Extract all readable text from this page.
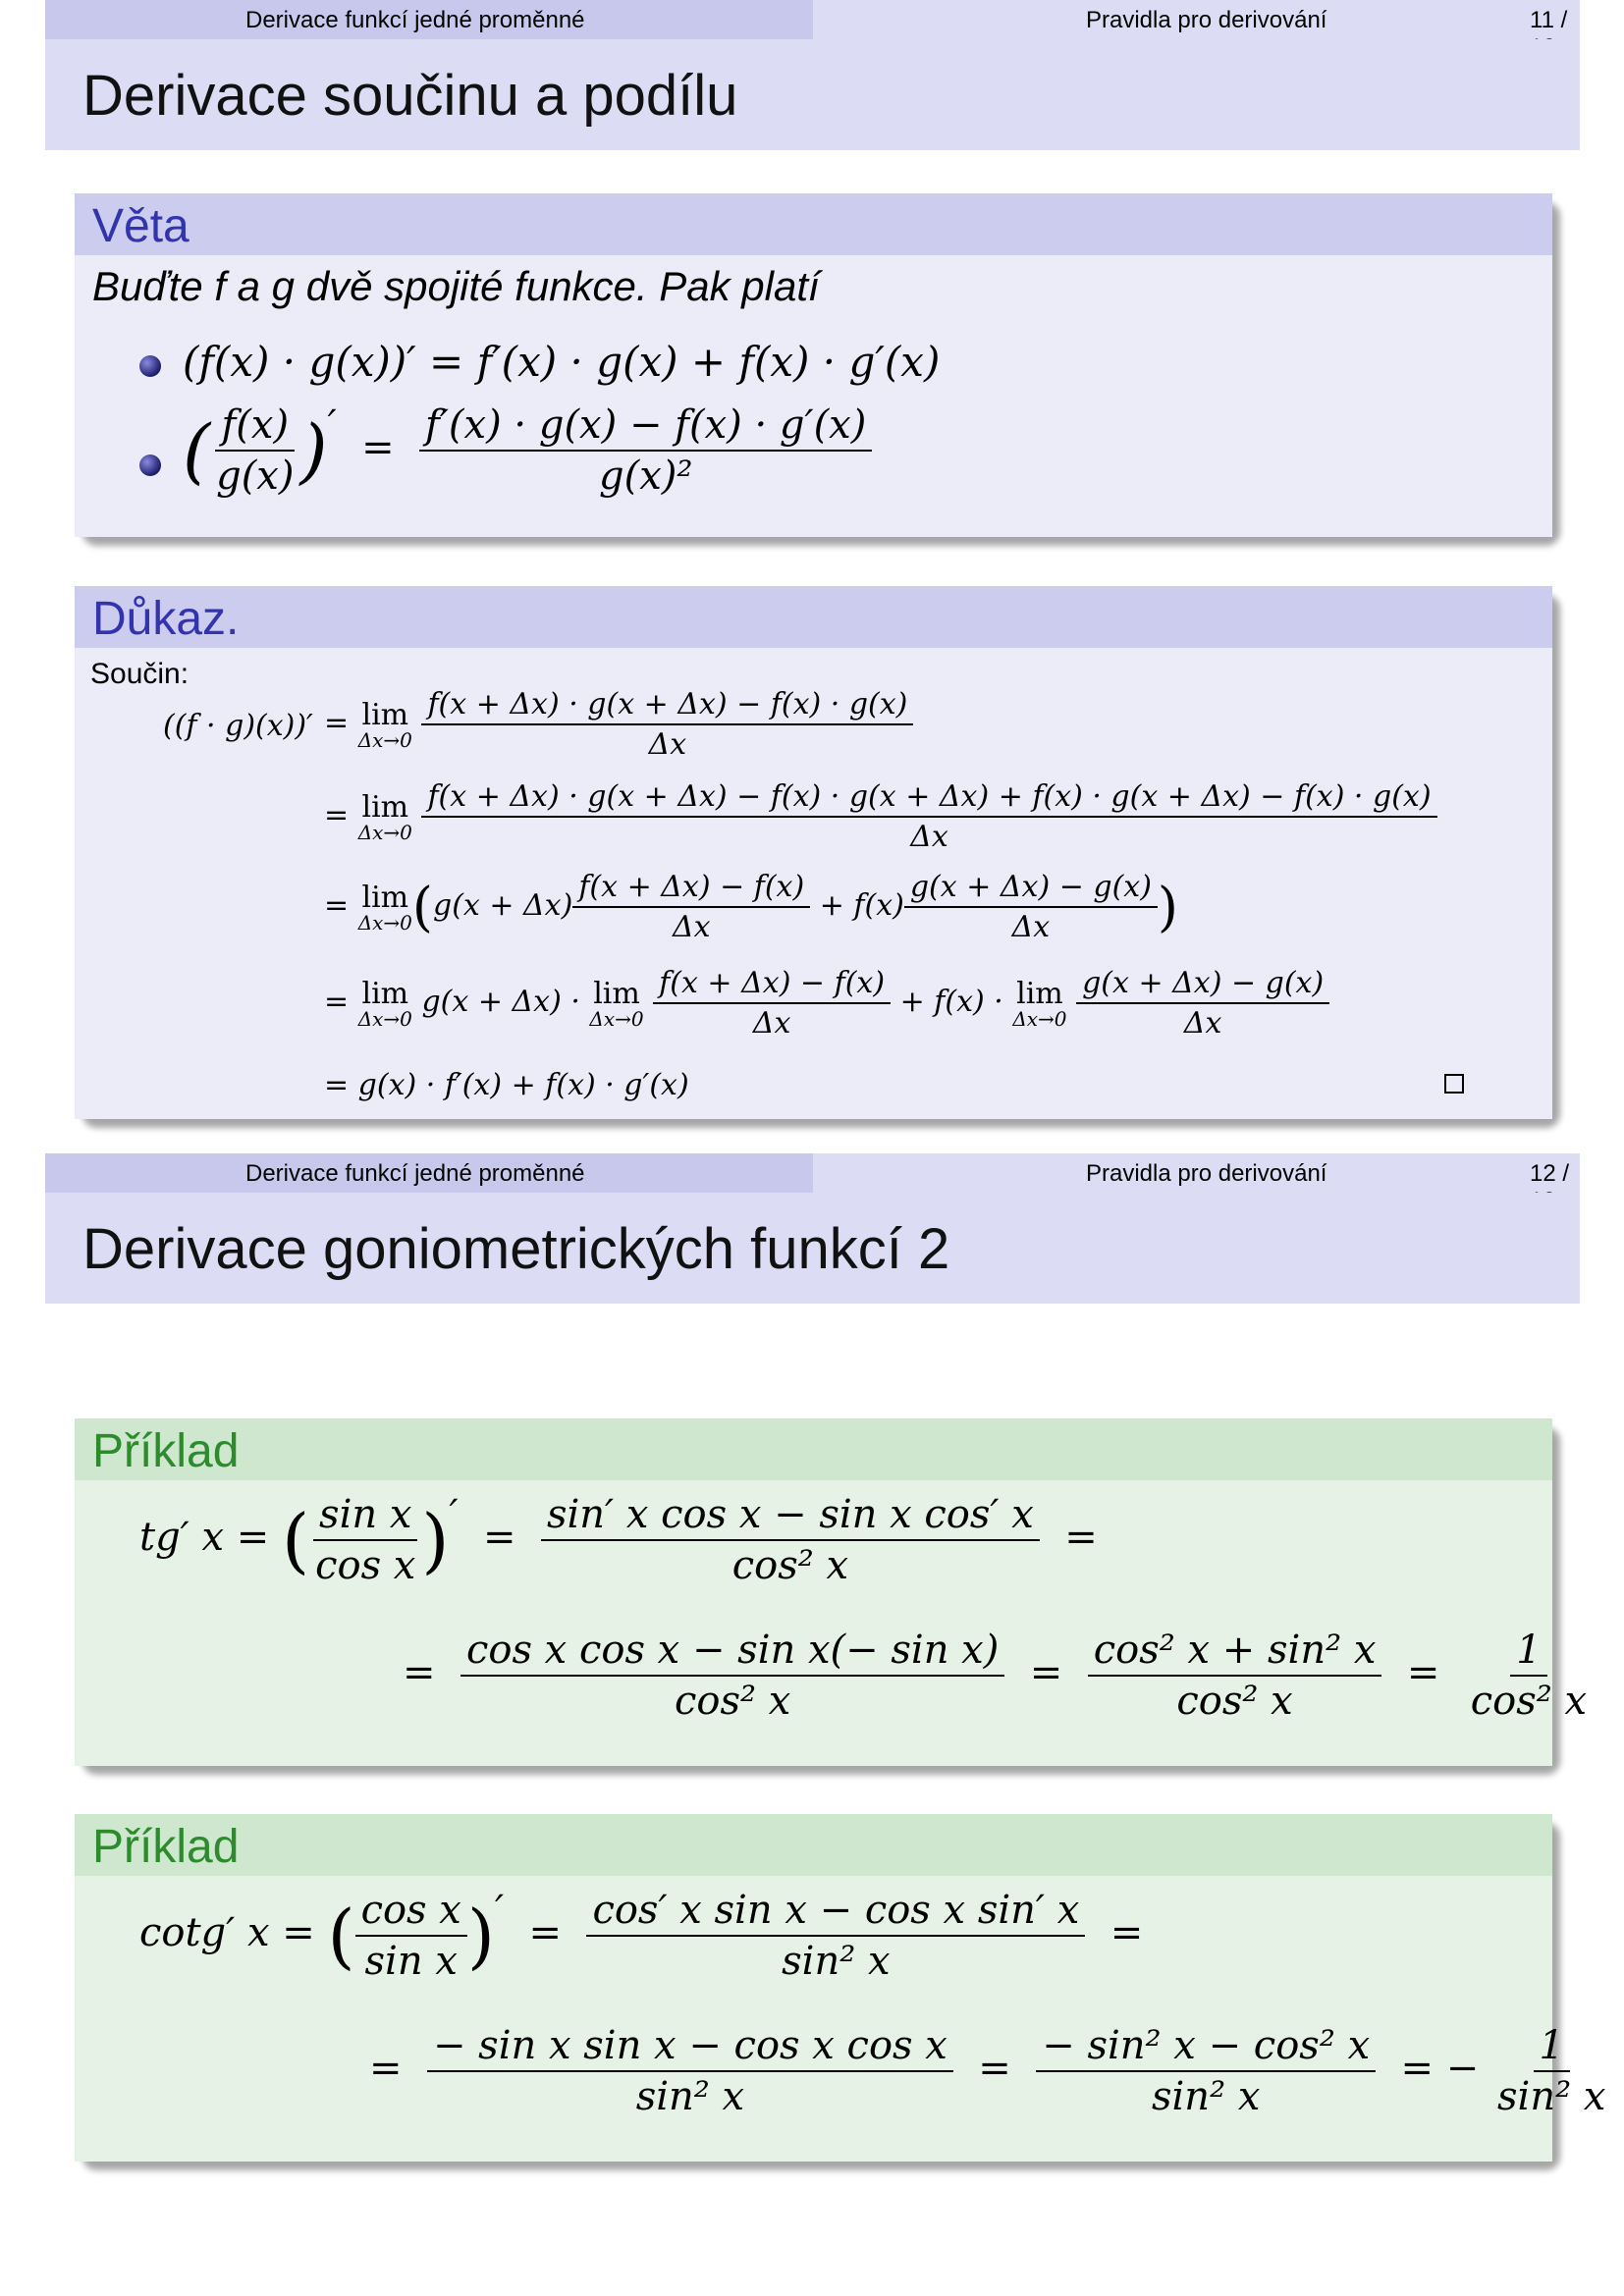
Derivace funkcí jedné proměnné	Pravidla pro derivování	11 /
Derivace součinu a podílu
Věta
Buďte f a g dvě spojité funkce. Pak platí
(f(x) · g(x))′ = f′(x) · g(x) + f(x) · g′(x)
( $\frac{f(x)}{g(x)}$ )′  = $\frac{f'(x) \cdot g(x) - f(x) \cdot g'(x)}{\text{g(x)²}}$
Důkaz.
Součin:
((f · g)(x))′ = lim
Δx→0
$\frac{f(x + \Delta x) \cdot g(x + \Delta x) - f(x) \cdot g(x)}{\Delta x}$
= lim
Δx→0

f(x + Δx) · g(x + Δx) − f(x) · g(x + Δx) + f(x) · g(x + Δx) − f(x) · g(x)
Δx
= lim
Δx→0 ($g(x + \Delta x) \frac{f(x + \Delta x) - f(x)}{\Delta x} + f(x) \frac{g(x + \Delta x) - g(x)}{\Delta x}$ )
= lim
Δx→0 g(x + Δx) · lim
Δx→0
$\frac{f(x + \Delta x) - f(x)}{\Delta x} + f(x) \cdot \lim$
Δx→0
$\frac{g(x + \Delta x) - g(x)}{\Delta x}$
= g(x) · f′(x) + f(x) · g′(x)
Derivace funkcí jedné proměnné	Pravidla pro derivování	12 /
Derivace goniometrických funkcí 2
Příklad
tg′ x = ( $\frac{\text{sin x}}{\text{cos x}}$ )′  = $\frac{\text{sin′ x cos x − sin x cos′ x}}{\text{cos² x}}$ =
= $\frac{\text{cos x cos x − sin x(− sin x)}}{\text{cos² x}} = \frac{\text{cos² x + sin² x}}{\text{cos² x}} = \frac{1}{\text{cos² x}}$
Příklad
cotg′ x = ( $\frac{\text{cos x}}{\text{sin x}}$ )′  = $\frac{\text{cos′ x sin x − cos x sin′ x}}{\text{sin² x}}$ =
= $\frac{\text{− sin x sin x − cos x cos x}}{\text{sin² x}} = \frac{\text{− sin² x − cos² x}}{\text{sin² x}}$ = − $\frac{1}{\text{sin² x}}$
